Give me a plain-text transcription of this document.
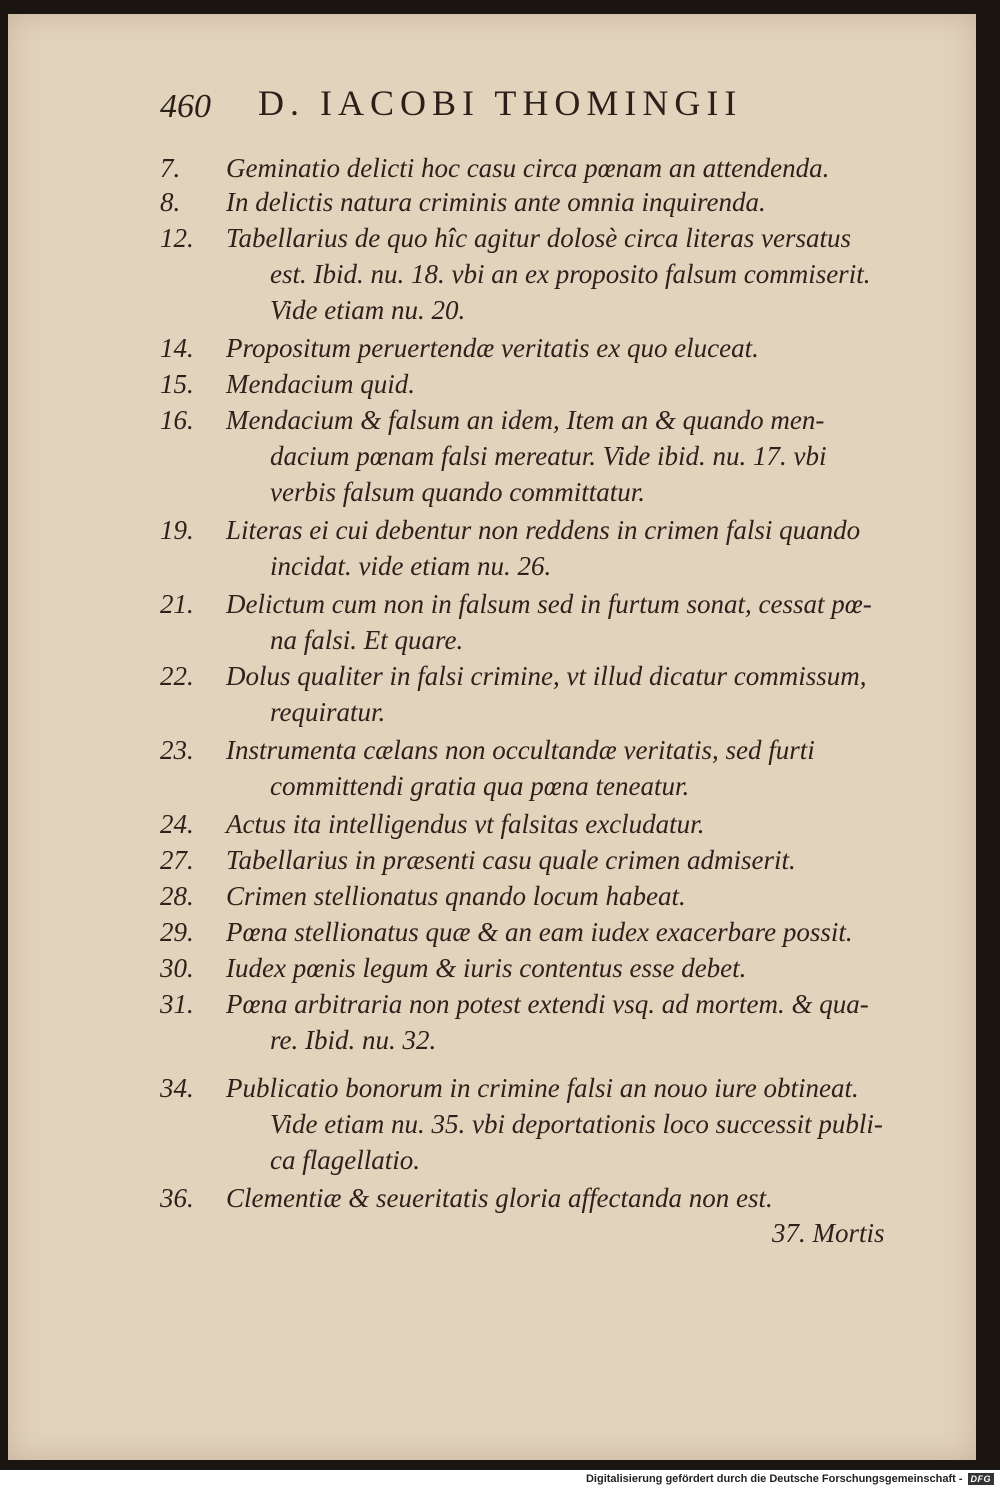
460 D. IACOBI THOMINGII
7. Geminatio delicti hoc casu circa pœnam an attendenda.
8. In delictis natura criminis ante omnia inquirenda.
12. Tabellarius de quo hîc agitur dolosè circa literas versatus
est. Ibid. nu. 18. vbi an ex proposito falsum commiserit.
Vide etiam nu. 20.
14. Propositum peruertendæ veritatis ex quo eluceat.
15. Mendacium quid.
16. Mendacium & falsum an idem, Item an & quando men-
dacium pœnam falsi mereatur. Vide ibid. nu. 17. vbi
verbis falsum quando committatur.
19. Literas ei cui debentur non reddens in crimen falsi quando
incidat. vide etiam nu. 26.
21. Delictum cum non in falsum sed in furtum sonat, cessat pœ-
na falsi. Et quare.
22. Dolus qualiter in falsi crimine, vt illud dicatur commissum,
requiratur.
23. Instrumenta cælans non occultandæ veritatis, sed furti
committendi gratia qua pœna teneatur.
24. Actus ita intelligendus vt falsitas excludatur.
27. Tabellarius in præsenti casu quale crimen admiserit.
28. Crimen stellionatus qnando locum habeat.
29. Pœna stellionatus quæ & an eam iudex exacerbare possit.
30. Iudex pœnis legum & iuris contentus esse debet.
31. Pœna arbitraria non potest extendi vsq. ad mortem. & qua-
re. Ibid. nu. 32.
34. Publicatio bonorum in crimine falsi an nouo iure obtineat.
Vide etiam nu. 35. vbi deportationis loco successit publi-
ca flagellatio.
36. Clementiæ & seueritatis gloria affectanda non est.
37. Mortis
Digitalisierung gefördert durch die Deutsche Forschungsgemeinschaft - DFG
